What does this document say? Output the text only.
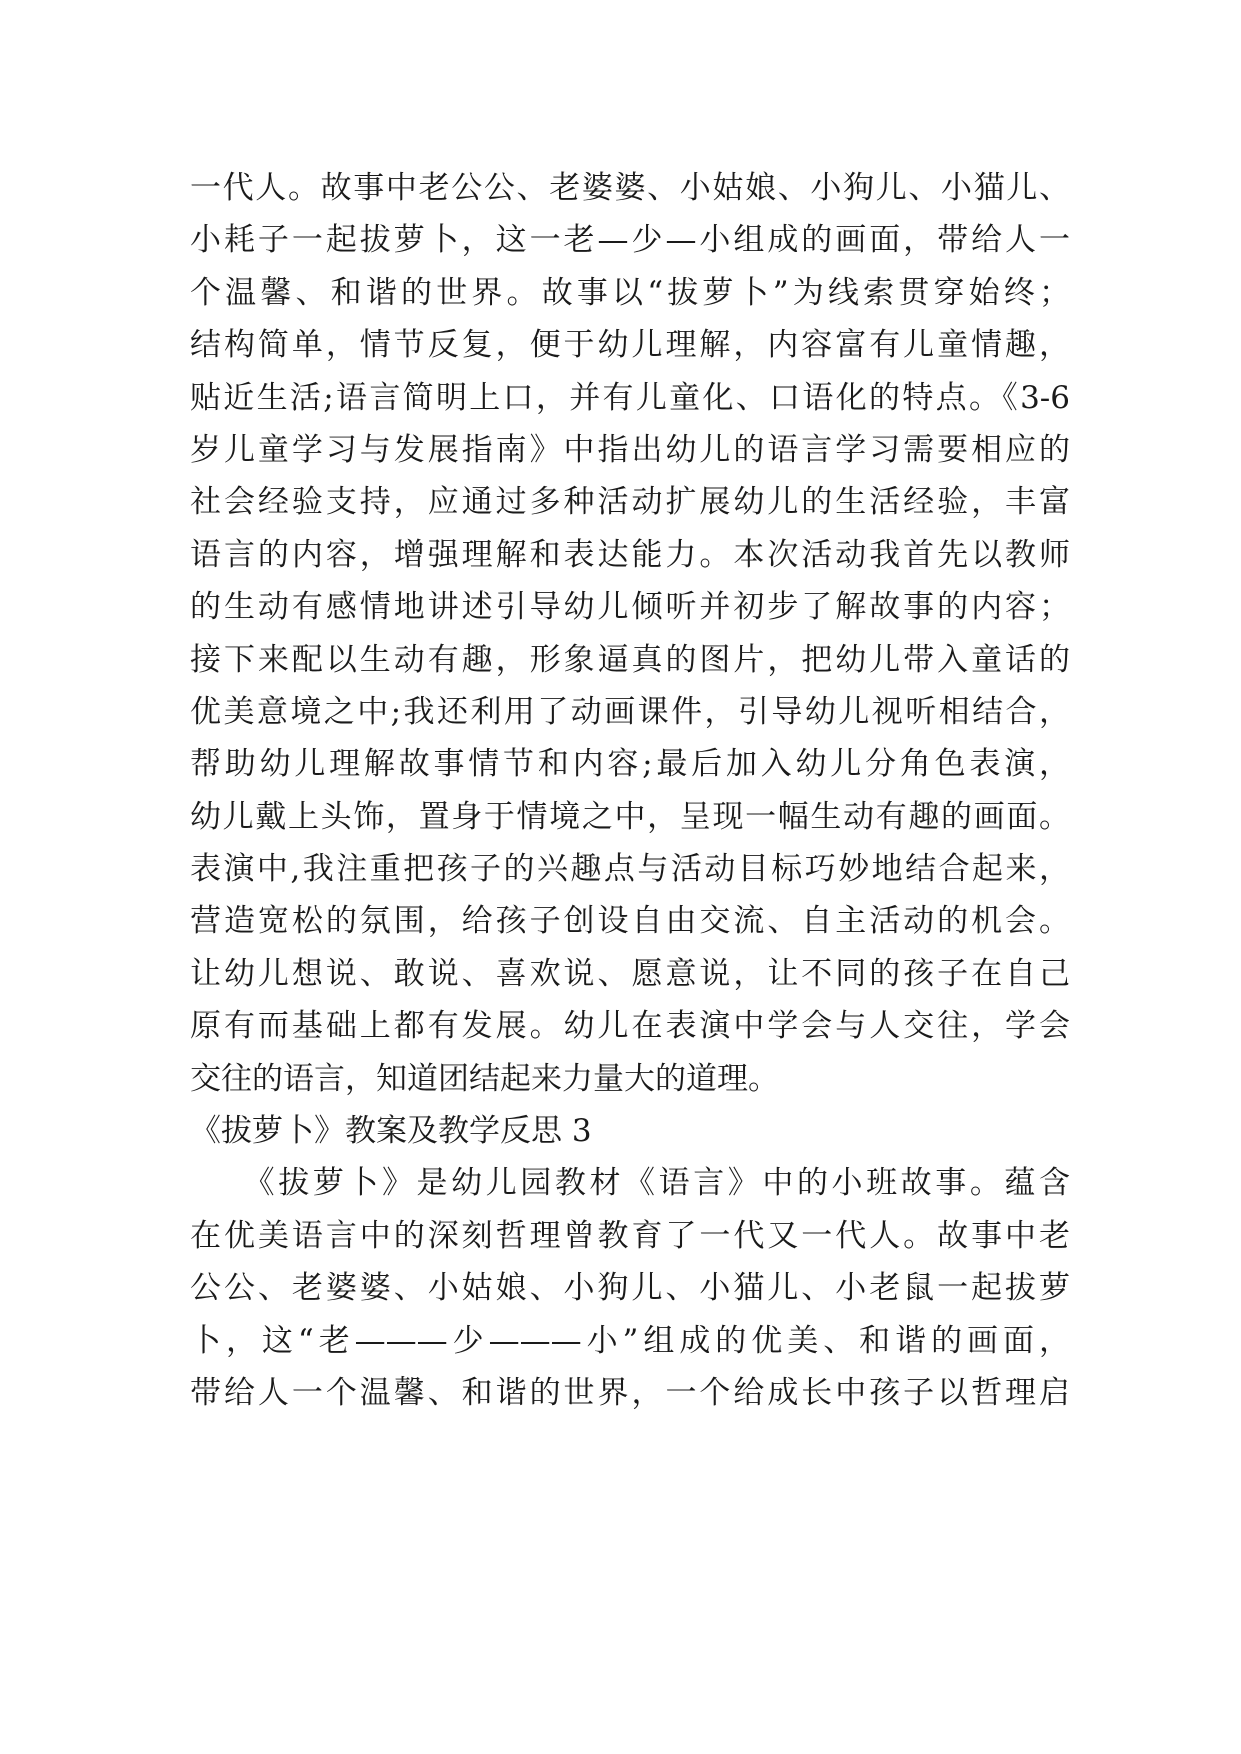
一代人。故事中老公公、老婆婆、小姑娘、小狗儿、小猫儿、
小耗子一起拔萝卜，这一老—少—小组成的画面，带给人一
个温馨、和谐的世界。故事以“拔萝卜”为线索贯穿始终；
结构简单，情节反复，便于幼儿理解，内容富有儿童情趣，
贴近生活;语言简明上口，并有儿童化、口语化的特点。《3-6
岁儿童学习与发展指南》中指出幼儿的语言学习需要相应的
社会经验支持，应通过多种活动扩展幼儿的生活经验，丰富
语言的内容，增强理解和表达能力。本次活动我首先以教师
的生动有感情地讲述引导幼儿倾听并初步了解故事的内容；
接下来配以生动有趣，形象逼真的图片，把幼儿带入童话的
优美意境之中;我还利用了动画课件，引导幼儿视听相结合，
帮助幼儿理解故事情节和内容;最后加入幼儿分角色表演，
幼儿戴上头饰，置身于情境之中，呈现一幅生动有趣的画面。
表演中,我注重把孩子的兴趣点与活动目标巧妙地结合起来，
营造宽松的氛围，给孩子创设自由交流、自主活动的机会。
让幼儿想说、敢说、喜欢说、愿意说，让不同的孩子在自己
原有而基础上都有发展。幼儿在表演中学会与人交往，学会
交往的语言，知道团结起来力量大的道理。
《拔萝卜》教案及教学反思 3
　　《拔萝卜》是幼儿园教材《语言》中的小班故事。蕴含
在优美语言中的深刻哲理曾教育了一代又一代人。故事中老
公公、老婆婆、小姑娘、小狗儿、小猫儿、小老鼠一起拔萝
卜，这“老———少———小”组成的优美、和谐的画面，
带给人一个温馨、和谐的世界，一个给成长中孩子以哲理启
